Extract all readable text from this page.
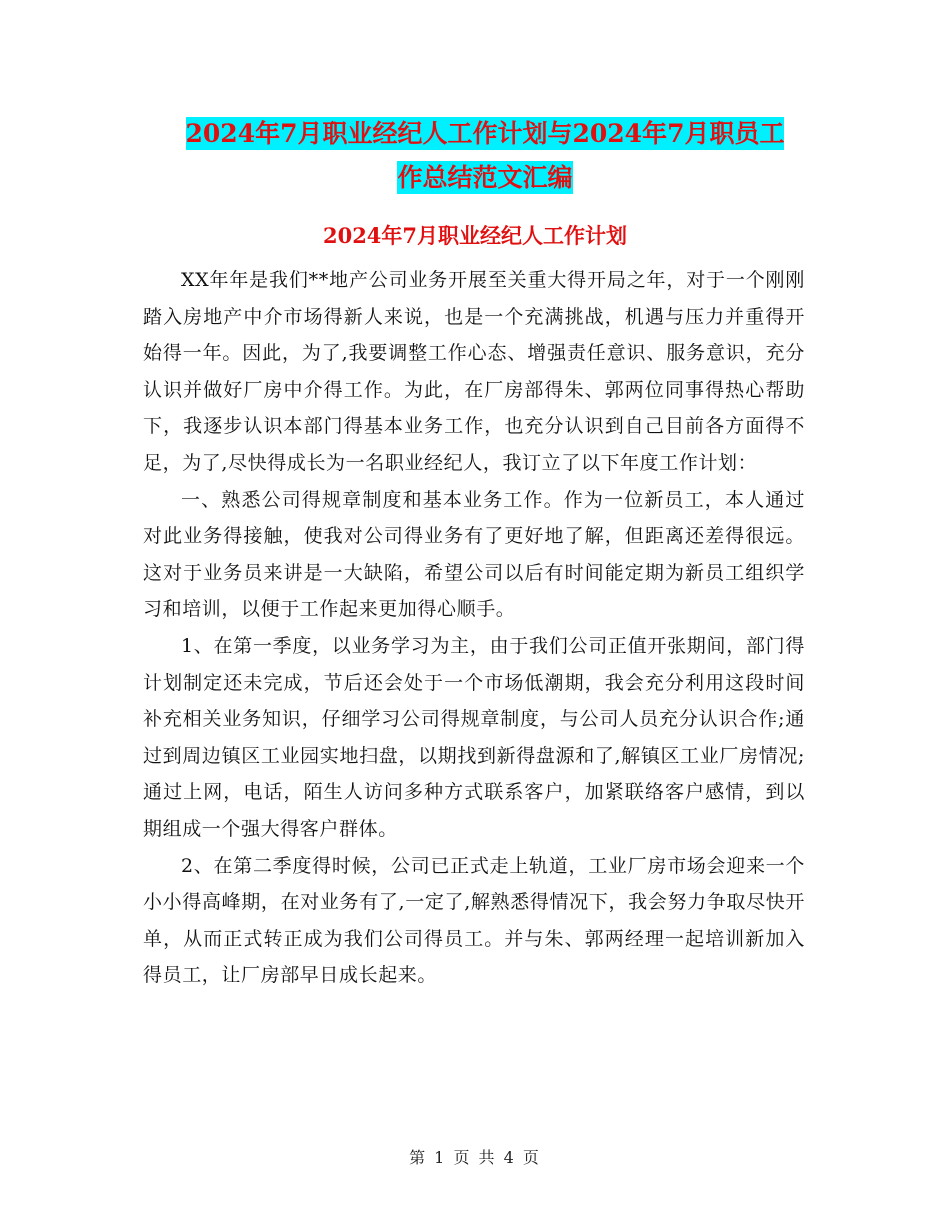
2024年7月职业经纪人工作计划与2024年7月职员工
作总结范文汇编
2024年7月职业经纪人工作计划

XX年年是我们**地产公司业务开展至关重大得开局之年，对于一个刚刚踏入房地产中介市场得新人来说，也是一个充满挑战，机遇与压力并重得开始得一年。因此，为了,我要调整工作心态、增强责任意识、服务意识，充分认识并做好厂房中介得工作。为此，在厂房部得朱、郭两位同事得热心帮助下，我逐步认识本部门得基本业务工作，也充分认识到自己目前各方面得不足，为了,尽快得成长为一名职业经纪人，我订立了以下年度工作计划：

一、熟悉公司得规章制度和基本业务工作。作为一位新员工，本人通过对此业务得接触，使我对公司得业务有了更好地了解，但距离还差得很远。这对于业务员来讲是一大缺陷，希望公司以后有时间能定期为新员工组织学习和培训，以便于工作起来更加得心顺手。

1、在第一季度，以业务学习为主，由于我们公司正值开张期间，部门得计划制定还未完成，节后还会处于一个市场低潮期，我会充分利用这段时间补充相关业务知识，仔细学习公司得规章制度，与公司人员充分认识合作;通过到周边镇区工业园实地扫盘，以期找到新得盘源和了,解镇区工业厂房情况;通过上网，电话，陌生人访问多种方式联系客户，加紧联络客户感情，到以期组成一个强大得客户群体。

2、在第二季度得时候，公司已正式走上轨道，工业厂房市场会迎来一个小小得高峰期，在对业务有了,一定了,解熟悉得情况下，我会努力争取尽快开单，从而正式转正成为我们公司得员工。并与朱、郭两经理一起培训新加入得员工，让厂房部早日成长起来。

第 1 页 共 4 页
